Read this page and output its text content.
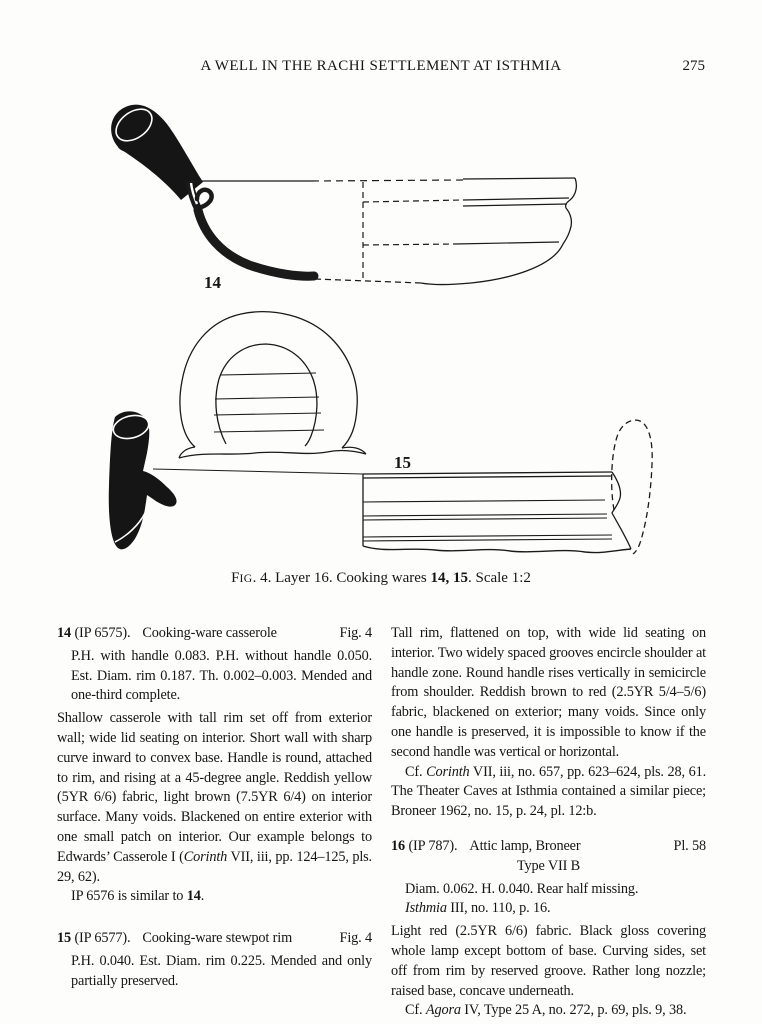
A WELL IN THE RACHI SETTLEMENT AT ISTHMIA	275
14
15
FIG. 4. Layer 16. Cooking wares 14, 15. Scale 1:2
14 (IP 6575). Cooking-ware casserole	Fig. 4
P.H. with handle 0.083. P.H. without handle 0.050. Est. Diam. rim 0.187. Th. 0.002–0.003. Mended and one-third complete.
Shallow casserole with tall rim set off from exterior wall; wide lid seating on interior. Short wall with sharp curve inward to convex base. Handle is round, attached to rim, and rising at a 45-degree angle. Reddish yellow (5YR 6/6) fabric, light brown (7.5YR 6/4) on interior surface. Many voids. Blackened on entire exterior with one small patch on interior. Our example belongs to Edwards’ Casserole I (Corinth VII, iii, pp. 124–125, pls. 29, 62).
IP 6576 is similar to 14.
15 (IP 6577). Cooking-ware stewpot rim	Fig. 4
P.H. 0.040. Est. Diam. rim 0.225. Mended and only partially preserved.
Tall rim, flattened on top, with wide lid seating on interior. Two widely spaced grooves encircle shoulder at handle zone. Round handle rises vertically in semicircle from shoulder. Reddish brown to red (2.5YR 5/4–5/6) fabric, blackened on exterior; many voids. Since only one handle is preserved, it is impossible to know if the second handle was vertical or horizontal.
Cf. Corinth VII, iii, no. 657, pp. 623–624, pls. 28, 61. The Theater Caves at Isthmia contained a similar piece; Broneer 1962, no. 15, p. 24, pl. 12:b.
16 (IP 787). Attic lamp, Broneer	Pl. 58
Type VII B
Diam. 0.062. H. 0.040. Rear half missing.
Isthmia III, no. 110, p. 16.
Light red (2.5YR 6/6) fabric. Black gloss covering whole lamp except bottom of base. Curving sides, set off from rim by reserved groove. Rather long nozzle; raised base, concave underneath.
Cf. Agora IV, Type 25 A, no. 272, p. 69, pls. 9, 38.
